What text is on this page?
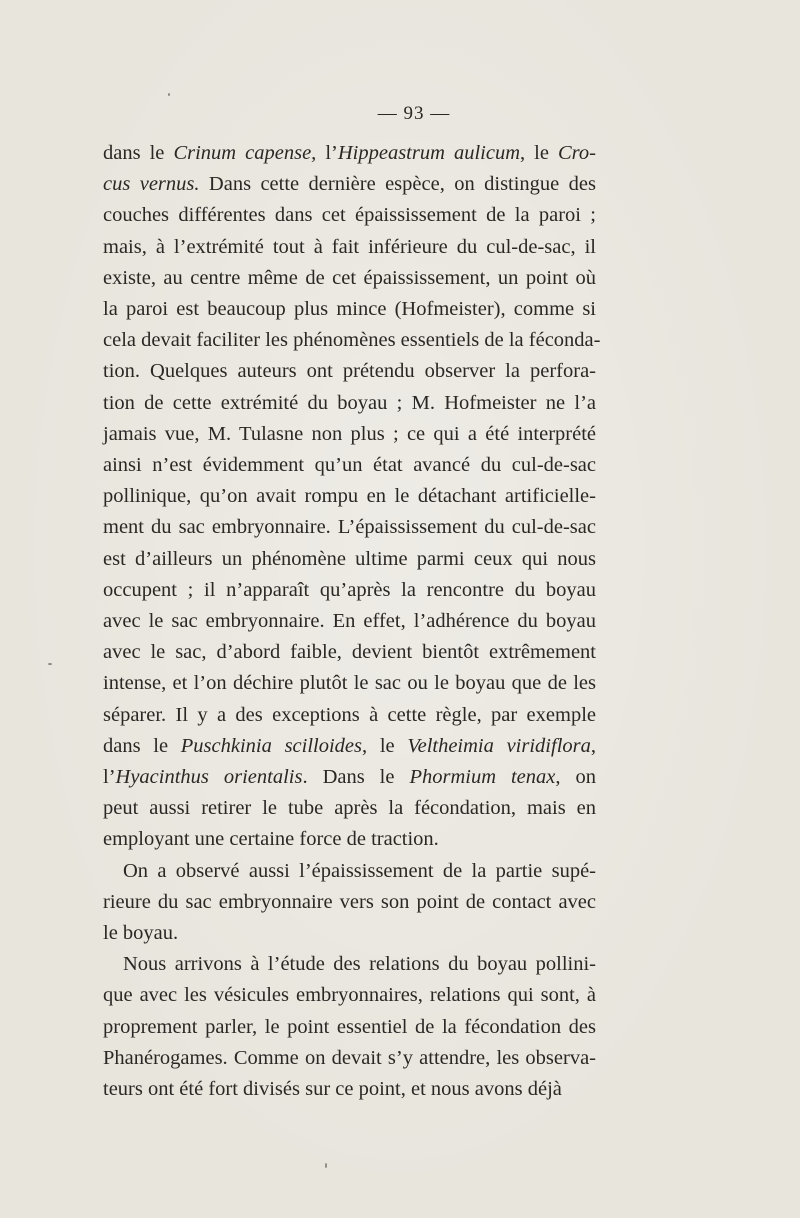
— 93 —
dans le Crinum capense, l’Hippeastrum aulicum, le Cro-
cus vernus. Dans cette dernière espèce, on distingue des
couches différentes dans cet épaississement de la paroi ;
mais, à l’extrémité tout à fait inférieure du cul-de-sac, il
existe, au centre même de cet épaississement, un point où
la paroi est beaucoup plus mince (Hofmeister), comme si
cela devait faciliter les phénomènes essentiels de la féconda-
tion. Quelques auteurs ont prétendu observer la perfora-
tion de cette extrémité du boyau ; M. Hofmeister ne l’a
jamais vue, M. Tulasne non plus ; ce qui a été interprété
ainsi n’est évidemment qu’un état avancé du cul-de-sac
pollinique, qu’on avait rompu en le détachant artificielle-
ment du sac embryonnaire. L’épaississement du cul-de-sac
est d’ailleurs un phénomène ultime parmi ceux qui nous
occupent ; il n’apparaît qu’après la rencontre du boyau
avec le sac embryonnaire. En effet, l’adhérence du boyau
avec le sac, d’abord faible, devient bientôt extrêmement
intense, et l’on déchire plutôt le sac ou le boyau que de les
séparer. Il y a des exceptions à cette règle, par exemple
dans le Puschkinia scilloides, le Veltheimia viridiflora,
l’Hyacinthus orientalis. Dans le Phormium tenax, on
peut aussi retirer le tube après la fécondation, mais en
employant une certaine force de traction.
On a observé aussi l’épaississement de la partie supé-
rieure du sac embryonnaire vers son point de contact avec
le boyau.
Nous arrivons à l’étude des relations du boyau pollini-
que avec les vésicules embryonnaires, relations qui sont, à
proprement parler, le point essentiel de la fécondation des
Phanérogames. Comme on devait s’y attendre, les observa-
teurs ont été fort divisés sur ce point, et nous avons déjà
